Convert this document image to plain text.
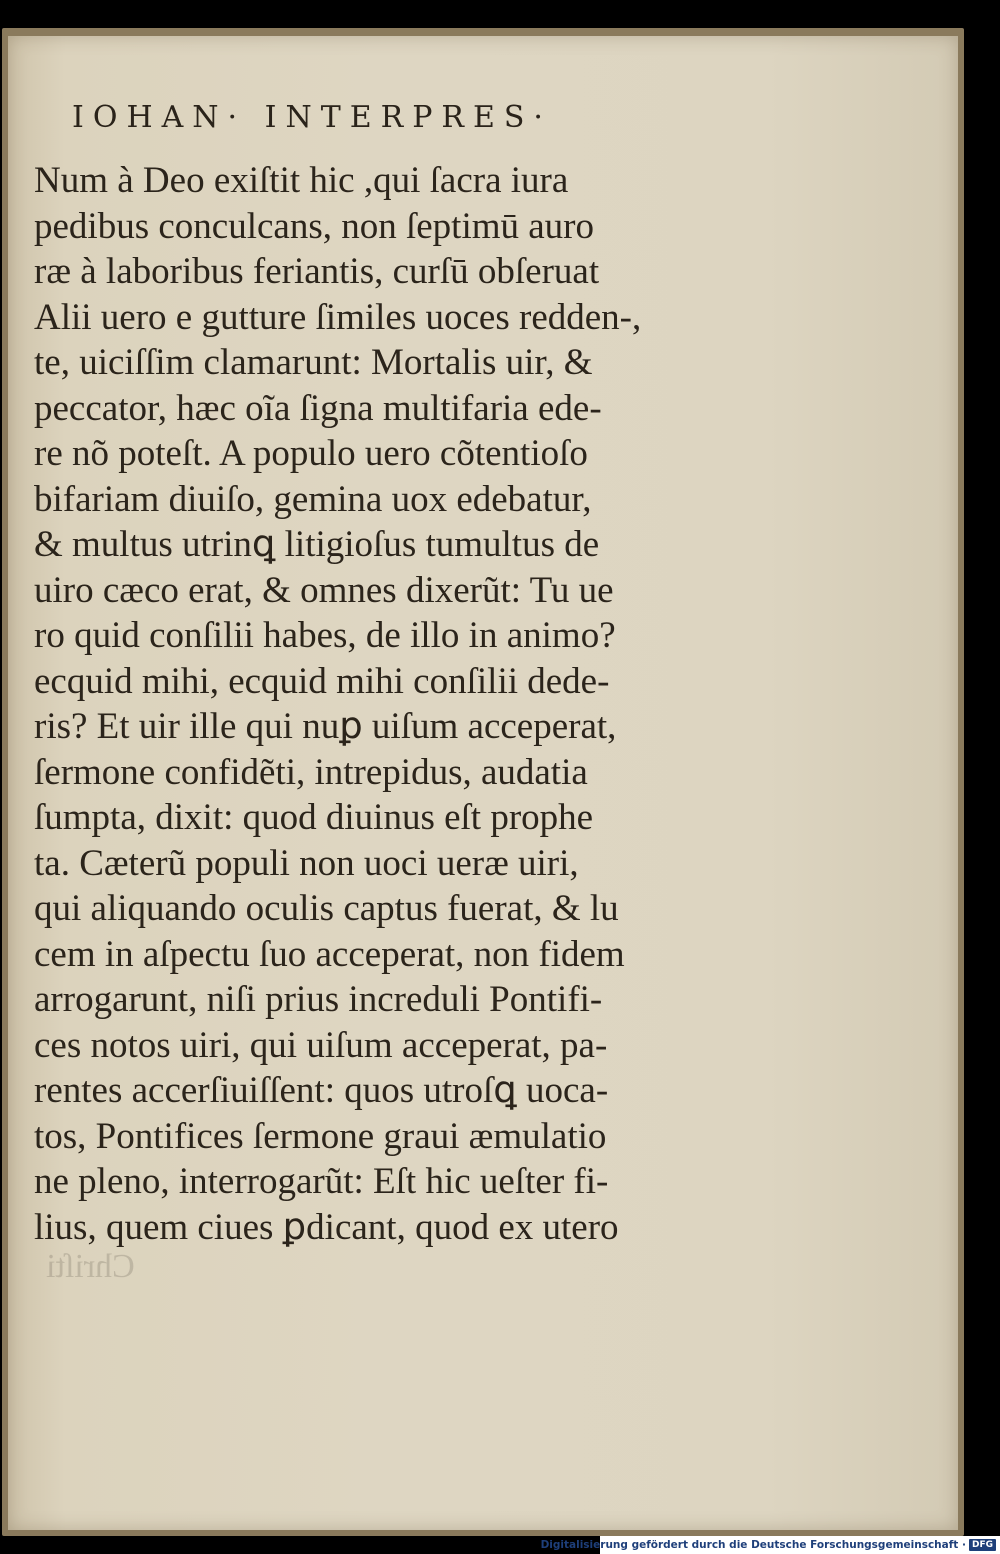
IOHAN· INTERPRES·
Num à Deo exiſtit hic ,qui ſacra iura
pedibus conculcans, non ſeptimū auro
ræ à laboribus feriantis, curſū obſeruat
Alii uero e gutture ſimiles uoces redden-,
te, uiciſſim clamarunt: Mortalis uir, &
peccator, hæc oĩa ſigna multifaria ede-
re nõ poteſt. A populo uero cõtentioſo
bifariam diuiſo, gemina uox edebatur,
& multus utrinꝗ litigioſus tumultus de
uiro cæco erat, & omnes dixerũt: Tu ue
ro quid conſilii habes, de illo in animo?
ecquid mihi, ecquid mihi conſilii dede-
ris? Et uir ille qui nuꝑ uiſum acceperat,
ſermone confidẽti, intrepidus, audatia
ſumpta, dixit: quod diuinus eſt prophe
ta. Cæterũ populi non uoci ueræ uiri,
qui aliquando oculis captus fuerat, & lu
cem in aſpectu ſuo acceperat, non fidem
arrogarunt, niſi prius increduli Pontifi-
ces notos uiri, qui uiſum acceperat, pa-
rentes accerſiuiſſent: quos utroſꝗ uoca-
tos, Pontifices ſermone graui æmulatio
ne pleno, interrogarũt: Eſt hic ueſter fi-
lius, quem ciues ꝑdicant, quod ex utero
Chriſti
Digitalisierung gefördert durch die Deutsche Forschungsgemeinschaft · DFG
